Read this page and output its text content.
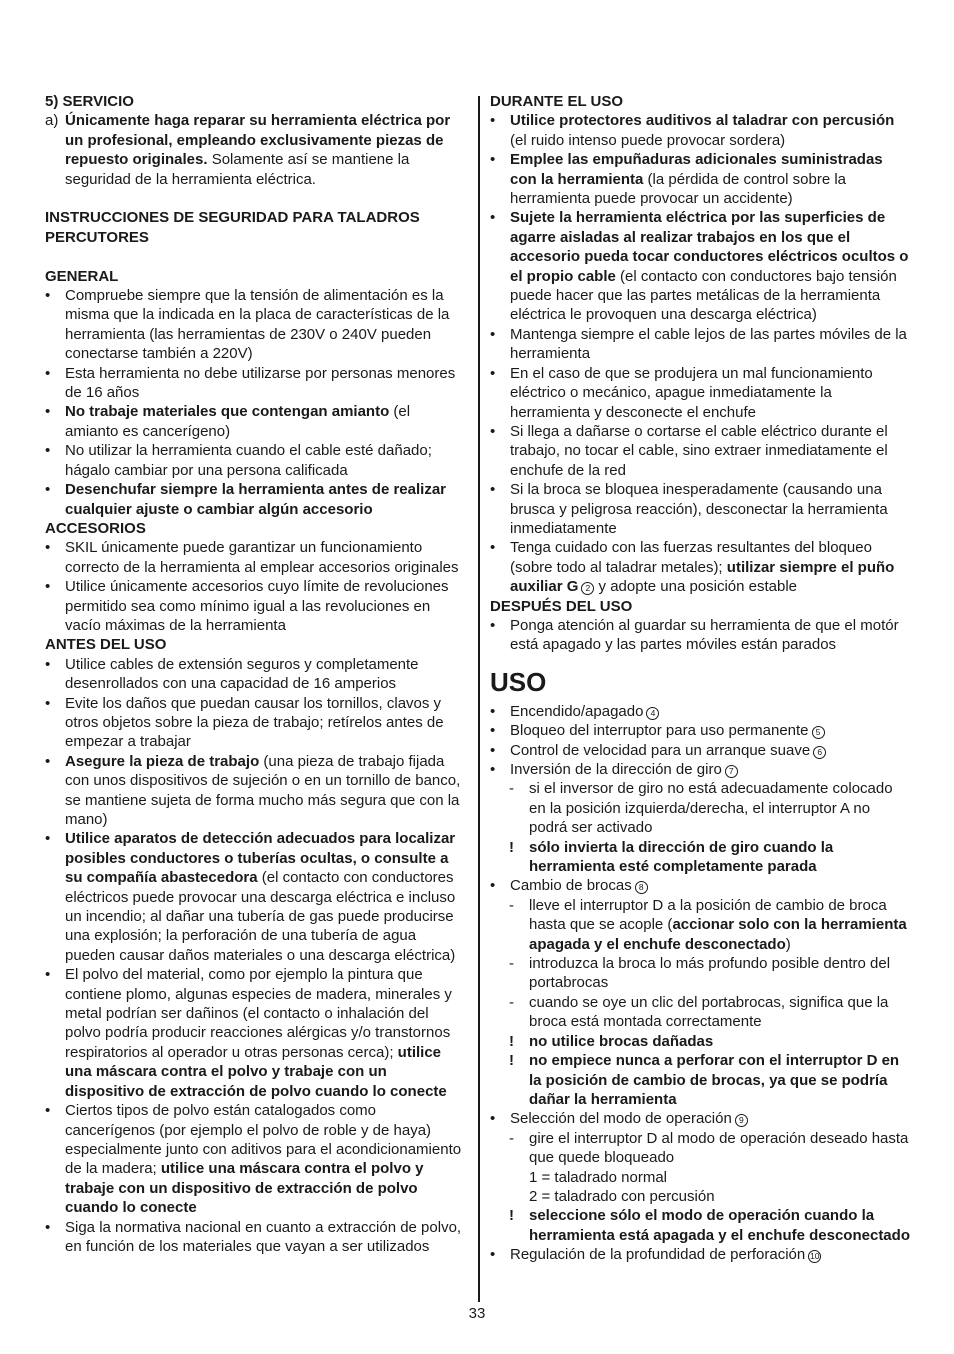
5) SERVICIO
a) Únicamente haga reparar su herramienta eléctrica por un profesional, empleando exclusivamente piezas de repuesto originales. Solamente así se mantiene la seguridad de la herramienta eléctrica.
INSTRUCCIONES DE SEGURIDAD PARA TALADROS PERCUTORES
GENERAL
• Compruebe siempre que la tensión de alimentación es la misma que la indicada en la placa de características de la herramienta (las herramientas de 230V o 240V pueden conectarse también a 220V)
• Esta herramienta no debe utilizarse por personas menores de 16 años
• No trabaje materiales que contengan amianto (el amianto es cancerígeno)
• No utilizar la herramienta cuando el cable esté dañado; hágalo cambiar por una persona calificada
• Desenchufar siempre la herramienta antes de realizar cualquier ajuste o cambiar algún accesorio
ACCESORIOS
• SKIL únicamente puede garantizar un funcionamiento correcto de la herramienta al emplear accesorios originales
• Utilice únicamente accesorios cuyo límite de revoluciones permitido sea como mínimo igual a las revoluciones en vacío máximas de la herramienta
ANTES DEL USO
• Utilice cables de extensión seguros y completamente desenrollados con una capacidad de 16 amperios
• Evite los daños que puedan causar los tornillos, clavos y otros objetos sobre la pieza de trabajo; retírelos antes de empezar a trabajar
• Asegure la pieza de trabajo (una pieza de trabajo fijada con unos dispositivos de sujeción o en un tornillo de banco, se mantiene sujeta de forma mucho más segura que con la mano)
• Utilice aparatos de detección adecuados para localizar posibles conductores o tuberías ocultas, o consulte a su compañía abastecedora (el contacto con conductores eléctricos puede provocar una descarga eléctrica e incluso un incendio; al dañar una tubería de gas puede producirse una explosión; la perforación de una tubería de agua pueden causar daños materiales o una descarga eléctrica)
• El polvo del material, como por ejemplo la pintura que contiene plomo, algunas especies de madera, minerales y metal podrían ser dañinos (el contacto o inhalación del polvo podría producir reacciones alérgicas y/o transtornos respiratorios al operador u otras personas cerca); utilice una máscara contra el polvo y trabaje con un dispositivo de extracción de polvo cuando lo conecte
• Ciertos tipos de polvo están catalogados como cancerígenos (por ejemplo el polvo de roble y de haya) especialmente junto con aditivos para el acondicionamiento de la madera; utilice una máscara contra el polvo y trabaje con un dispositivo de extracción de polvo cuando lo conecte
• Siga la normativa nacional en cuanto a extracción de polvo, en función de los materiales que vayan a ser utilizados
DURANTE EL USO
• Utilice protectores auditivos al taladrar con percusión (el ruido intenso puede provocar sordera)
• Emplee las empuñaduras adicionales suministradas con la herramienta (la pérdida de control sobre la herramienta puede provocar un accidente)
• Sujete la herramienta eléctrica por las superficies de agarre aisladas al realizar trabajos en los que el accesorio pueda tocar conductores eléctricos ocultos o el propio cable (el contacto con conductores bajo tensión puede hacer que las partes metálicas de la herramienta eléctrica le provoquen una descarga eléctrica)
• Mantenga siempre el cable lejos de las partes móviles de la herramienta
• En el caso de que se produjera un mal funcionamiento eléctrico o mecánico, apague inmediatamente la herramienta y desconecte el enchufe
• Si llega a dañarse o cortarse el cable eléctrico durante el trabajo, no tocar el cable, sino extraer inmediatamente el enchufe de la red
• Si la broca se bloquea inesperadamente (causando una brusca y peligrosa reacción), desconectar la herramienta inmediatamente
• Tenga cuidado con las fuerzas resultantes del bloqueo (sobre todo al taladrar metales); utilizar siempre el puño auxiliar G 2 y adopte una posición estable
DESPUÉS DEL USO
• Ponga atención al guardar su herramienta de que el motór está apagado y las partes móviles están parados
USO
• Encendido/apagado 4
• Bloqueo del interruptor para uso permanente 5
• Control de velocidad para un arranque suave 6
• Inversión de la dirección de giro 7
-	si el inversor de giro no está adecuadamente colocado en la posición izquierda/derecha, el interruptor A no podrá ser activado
!	sólo invierta la dirección de giro cuando la herramienta esté completamente parada
• Cambio de brocas 8
-	lleve el interruptor D a la posición de cambio de broca hasta que se acople (accionar solo con la herramienta apagada y el enchufe desconectado)
-	introduzca la broca lo más profundo posible dentro del portabrocas
-	cuando se oye un clic del portabrocas, significa que la broca está montada correctamente
!	no utilice brocas dañadas
!	no empiece nunca a perforar con el interruptor D en la posición de cambio de brocas, ya que se podría dañar la herramienta
• Selección del modo de operación 9
-	gire el interruptor D al modo de operación deseado hasta que quede bloqueado
1 = taladrado normal
2 = taladrado con percusión
!	seleccione sólo el modo de operación cuando la herramienta está apagada y el enchufe desconectado
• Regulación de la profundidad de perforación 10
33
